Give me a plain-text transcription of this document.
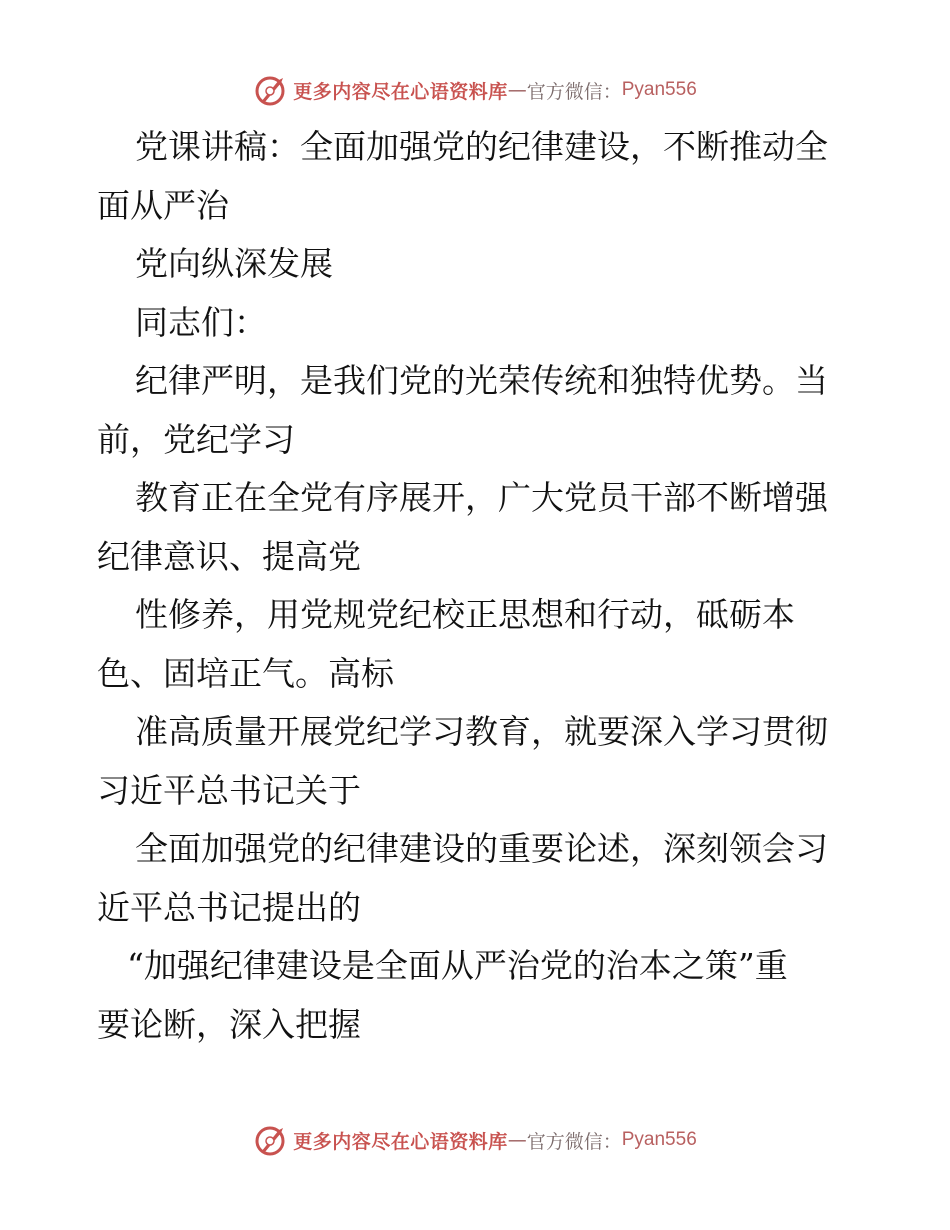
更多内容尽在心语资料库 — 官方微信： Pyan556
党课讲稿：全面加强党的纪律建设，不断推动全
面从严治
党向纵深发展
同志们：
纪律严明，是我们党的光荣传统和独特优势。当
前，党纪学习
教育正在全党有序展开，广大党员干部不断增强
纪律意识、提高党
性修养，用党规党纪校正思想和行动，砥砺本
色、固培正气。高标
准高质量开展党纪学习教育，就要深入学习贯彻
习近平总书记关于
全面加强党的纪律建设的重要论述，深刻领会习
近平总书记提出的
“加强纪律建设是全面从严治党的治本之策”重
要论断，深入把握
更多内容尽在心语资料库 — 官方微信： Pyan556
